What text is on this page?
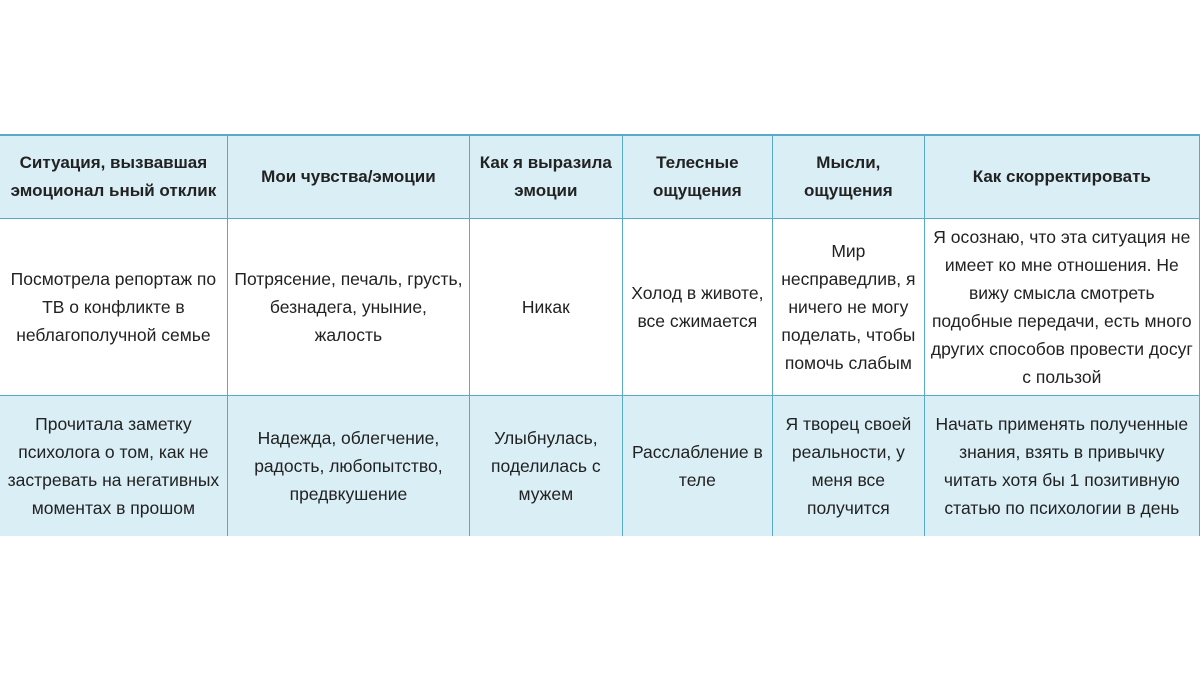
Ситуация, вызвавшая эмоционал ьный отклик	Мои чувства/эмоции	Как я выразила эмоции	Телесные ощущения	Мысли, ощущения	Как скорректировать
Посмотрела репортаж по ТВ о конфликте в неблагополучной семье	Потрясение, печаль, грусть, безнадега, уныние, жалость	Никак	Холод в животе, все сжимается	Мир несправедлив, я ничего не могу поделать, чтобы помочь слабым	Я осознаю, что эта ситуация не имеет ко мне отношения. Не вижу смысла смотреть подобные передачи, есть много других способов провести досуг с пользой
Прочитала заметку психолога о том, как не застревать на негативных моментах в прошом	Надежда, облегчение, радость, любопытство, предвкушение	Улыбнулась, поделилась с мужем	Расслабление в теле	Я творец своей реальности, у меня все получится	Начать применять полученные знания, взять в привычку читать хотя бы 1 позитивную статью по психологии в день
